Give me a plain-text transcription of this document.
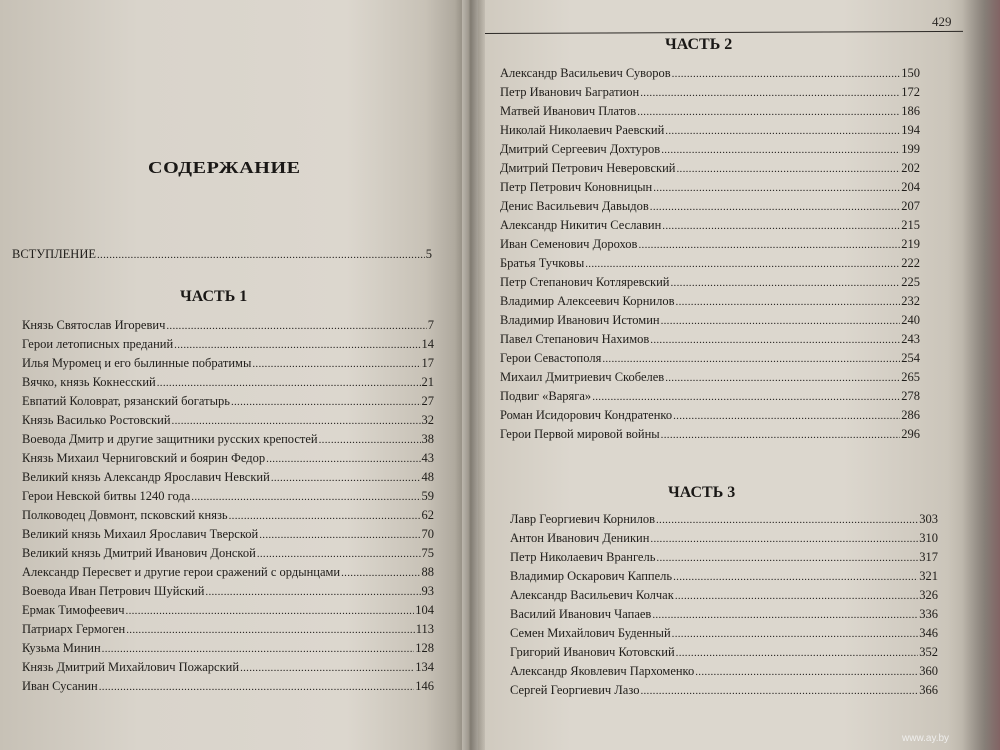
429
СОДЕРЖАНИЕ
ВСТУПЛЕНИЕ .....	5
ЧАСТЬ 1
Князь Святослав Игоревич .....	7
Герои летописных преданий .....	14
Илья Муромец и его былинные побратимы .....	17
Вячко, князь Кокнесский .....	21
Евпатий Коловрат, рязанский богатырь .....	27
Князь Василько Ростовский .....	32
Воевода Дмитр и другие защитники русских крепостей .....	38
Князь Михаил Черниговский и боярин Федор .....	43
Великий князь Александр Ярославич Невский .....	48
Герои Невской битвы 1240 года .....	59
Полководец Довмонт, псковский князь .....	62
Великий князь Михаил Ярославич Тверской .....	70
Великий князь Дмитрий Иванович Донской .....	75
Александр Пересвет и другие герои сражений с ордынцами .....	88
Воевода Иван Петрович Шуйский .....	93
Ермак Тимофеевич .....	104
Патриарх Гермоген .....	113
Кузьма Минин .....	128
Князь Дмитрий Михайлович Пожарский .....	134
Иван Сусанин .....	146
ЧАСТЬ 2
Александр Васильевич Суворов .....	150
Петр Иванович Багратион .....	172
Матвей Иванович Платов .....	186
Николай Николаевич Раевский .....	194
Дмитрий Сергеевич Дохтуров .....	199
Дмитрий Петрович Неверовский .....	202
Петр Петрович Коновницын .....	204
Денис Васильевич Давыдов .....	207
Александр Никитич Сеславин .....	215
Иван Семенович Дорохов .....	219
Братья Тучковы .....	222
Петр Степанович Котляревский .....	225
Владимир Алексеевич Корнилов .....	232
Владимир Иванович Истомин .....	240
Павел Степанович Нахимов .....	243
Герои Севастополя .....	254
Михаил Дмитриевич Скобелев .....	265
Подвиг «Варяга» .....	278
Роман Исидорович Кондратенко .....	286
Герои Первой мировой войны .....	296
ЧАСТЬ 3
Лавр Георгиевич Корнилов .....	303
Антон Иванович Деникин .....	310
Петр Николаевич Врангель .....	317
Владимир Оскарович Каппель .....	321
Александр Васильевич Колчак .....	326
Василий Иванович Чапаев .....	336
Семен Михайлович Буденный .....	346
Григорий Иванович Котовский .....	352
Александр Яковлевич Пархоменко .....	360
Сергей Георгиевич Лазо .....	366
www.ay.by
